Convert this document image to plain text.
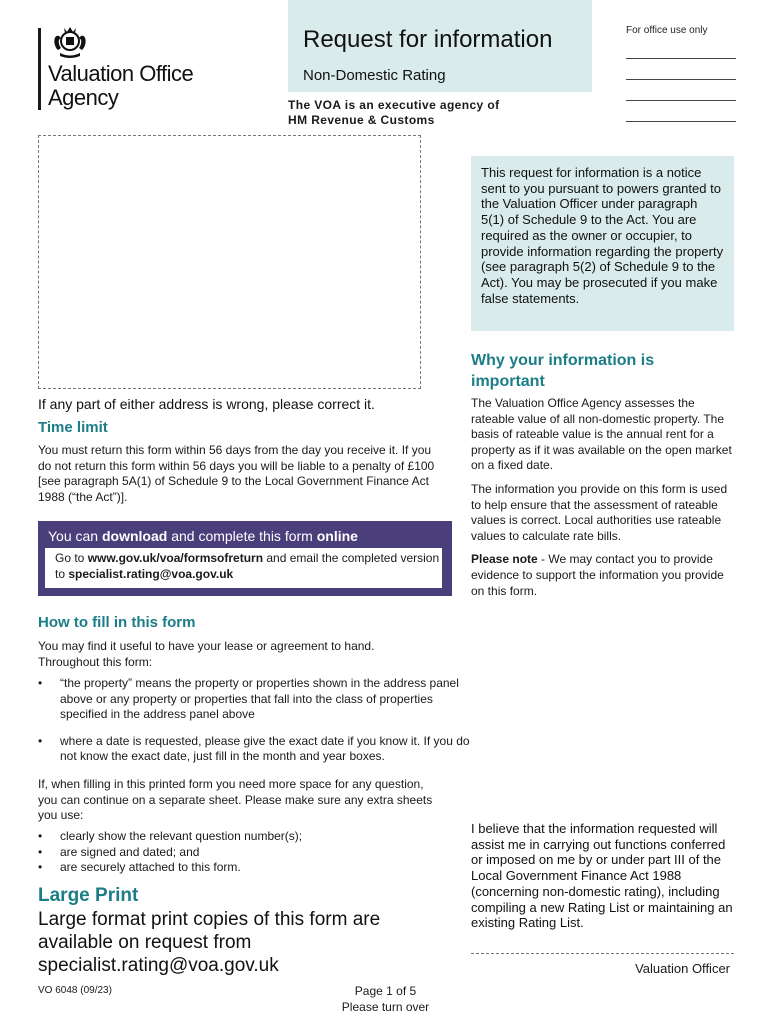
Valuation Office
Agency
Request for information
Non-Domestic Rating
The VOA is an executive agency of
HM Revenue & Customs
For office use only
This request for information is a notice sent to you pursuant to powers granted to the Valuation Officer under paragraph 5(1) of Schedule 9 to the Act. You are required as the owner or occupier, to provide information regarding the property (see paragraph 5(2) of Schedule 9 to the Act). You may be prosecuted if you make false statements.
If any part of either address is wrong, please correct it.
Time limit
You must return this form within 56 days from the day you receive it. If you do not return this form within 56 days you will be liable to a penalty of £100 [see paragraph 5A(1) of Schedule 9 to the Local Government Finance Act 1988 (“the Act”)].
You can download and complete this form online
Go to www.gov.uk/voa/formsofreturn and email the completed version to specialist.rating@voa.gov.uk
How to fill in this form
You may find it useful to have your lease or agreement to hand. Throughout this form:
• “the property” means the property or properties shown in the address panel above or any property or properties that fall into the class of properties specified in the address panel above
• where a date is requested, please give the exact date if you know it. If you do not know the exact date, just fill in the month and year boxes.
If, when filling in this printed form you need more space for any question, you can continue on a separate sheet. Please make sure any extra sheets you use:
• clearly show the relevant question number(s);
• are signed and dated; and
• are securely attached to this form.
Large Print
Large format print copies of this form are available on request from specialist.rating@voa.gov.uk
VO 6048 (09/23)	Page 1 of 5
Please turn over
Why your information is important

The Valuation Office Agency assesses the rateable value of all non-domestic property. The basis of rateable value is the annual rent for a property as if it was available on the open market on a fixed date.

The information you provide on this form is used to help ensure that the assessment of rateable values is correct. Local authorities use rateable values to calculate rate bills.

Please note - We may contact you to provide evidence to support the information you provide on this form.

I believe that the information requested will assist me in carrying out functions conferred or imposed on me by or under part III of the Local Government Finance Act 1988 (concerning non-domestic rating), including compiling a new Rating List or maintaining an existing Rating List.
Valuation Officer
